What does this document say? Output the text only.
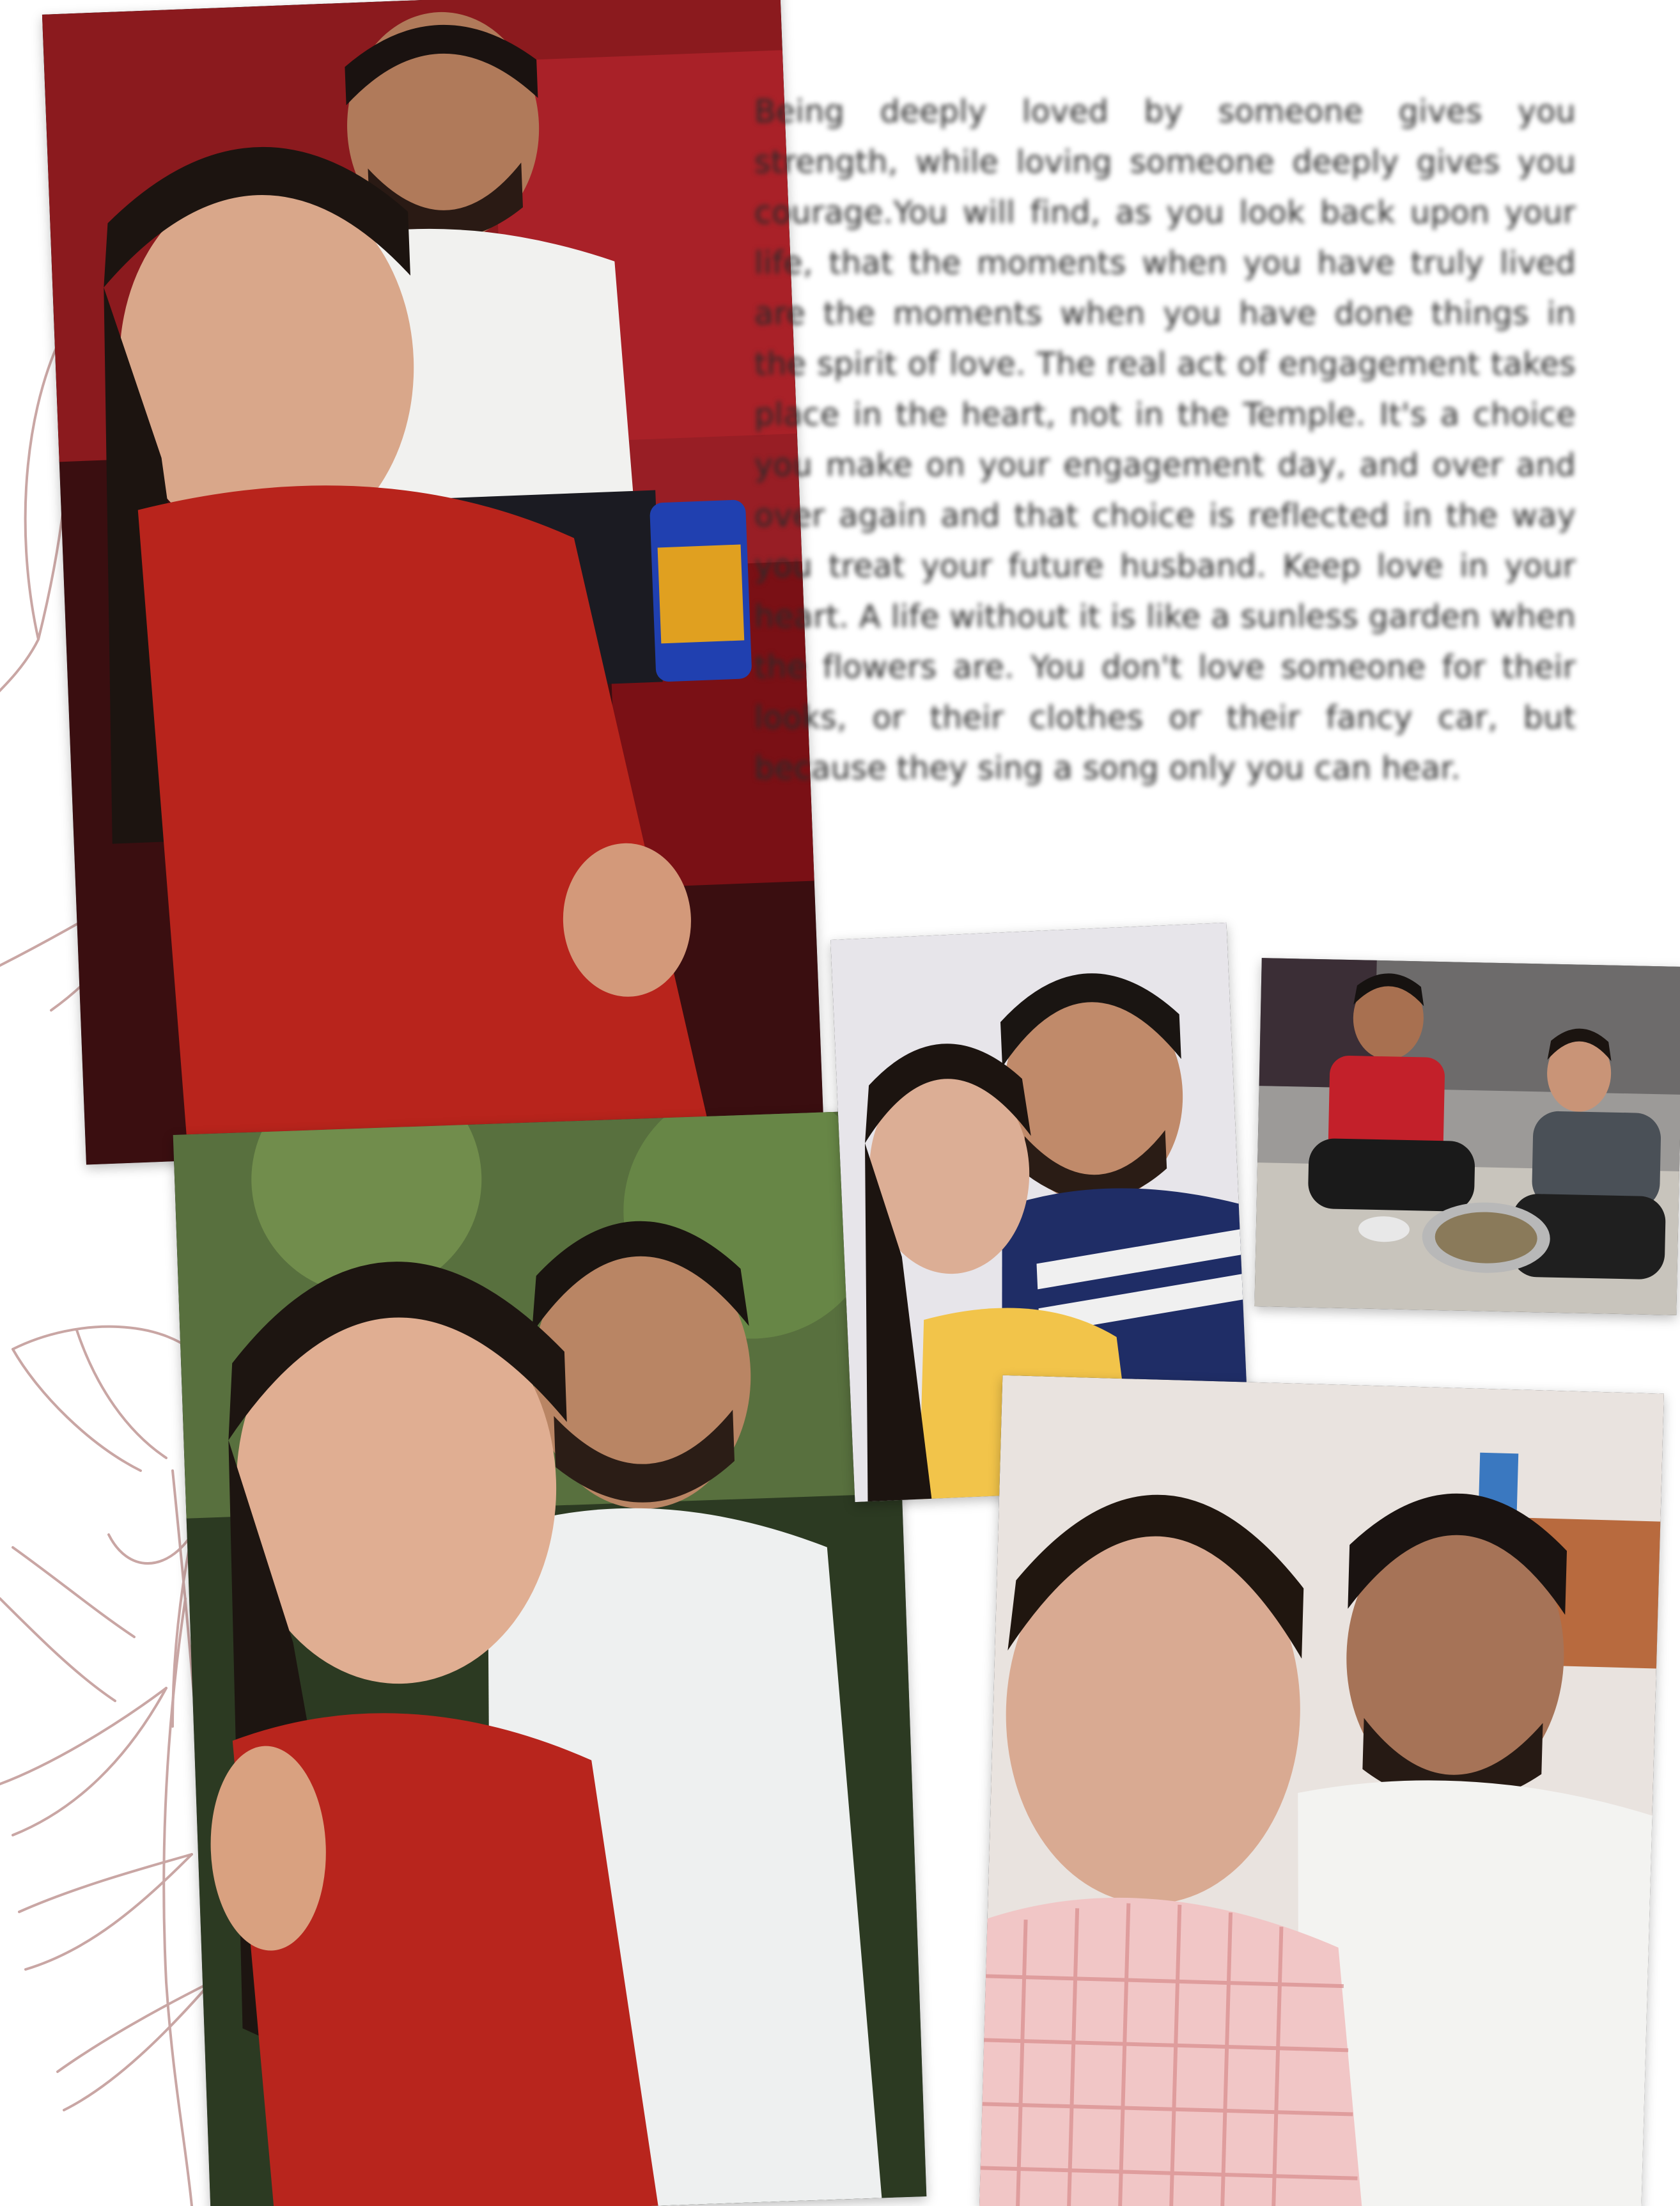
Being deeply loved by someone gives you strength, while loving someone deeply gives you courage.You will find, as you look back upon your life, that the moments when you have truly lived are the moments when you have done things in the spirit of love. The real act of engagement takes place in the heart, not in the Temple. It's a choice you make on your engagement day, and over and over again and that choice is reflected in the way you treat your future husband. Keep love in your heart. A life without it is like a sunless garden when the flowers are. You don't love someone for their looks, or their clothes or their fancy car, but because they sing a song only you can hear.
